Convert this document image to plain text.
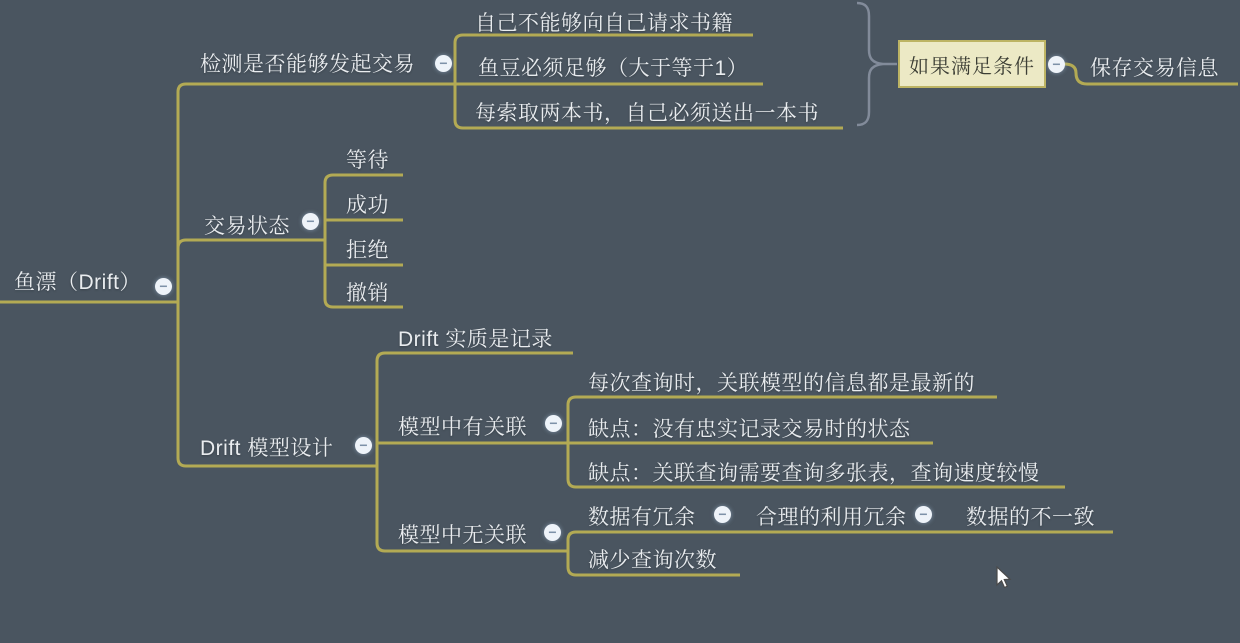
鱼漂（Drift）	−
检测是否能够发起交易	−
自己不能够向自己请求书籍
鱼豆必须足够（大于等于1）
每索取两本书，自己必须送出一本书
如果满足条件	− 保存交易信息
交易状态	−
等待
成功
拒绝
撤销
Drift 模型设计	−
Drift 实质是记录
模型中有关联	−
每次查询时，关联模型的信息都是最新的
缺点：没有忠实记录交易时的状态
缺点：关联查询需要查询多张表，查询速度较慢
模型中无关联	−
数据有冗余	− 合理的利用冗余 − 数据的不一致
减少查询次数
